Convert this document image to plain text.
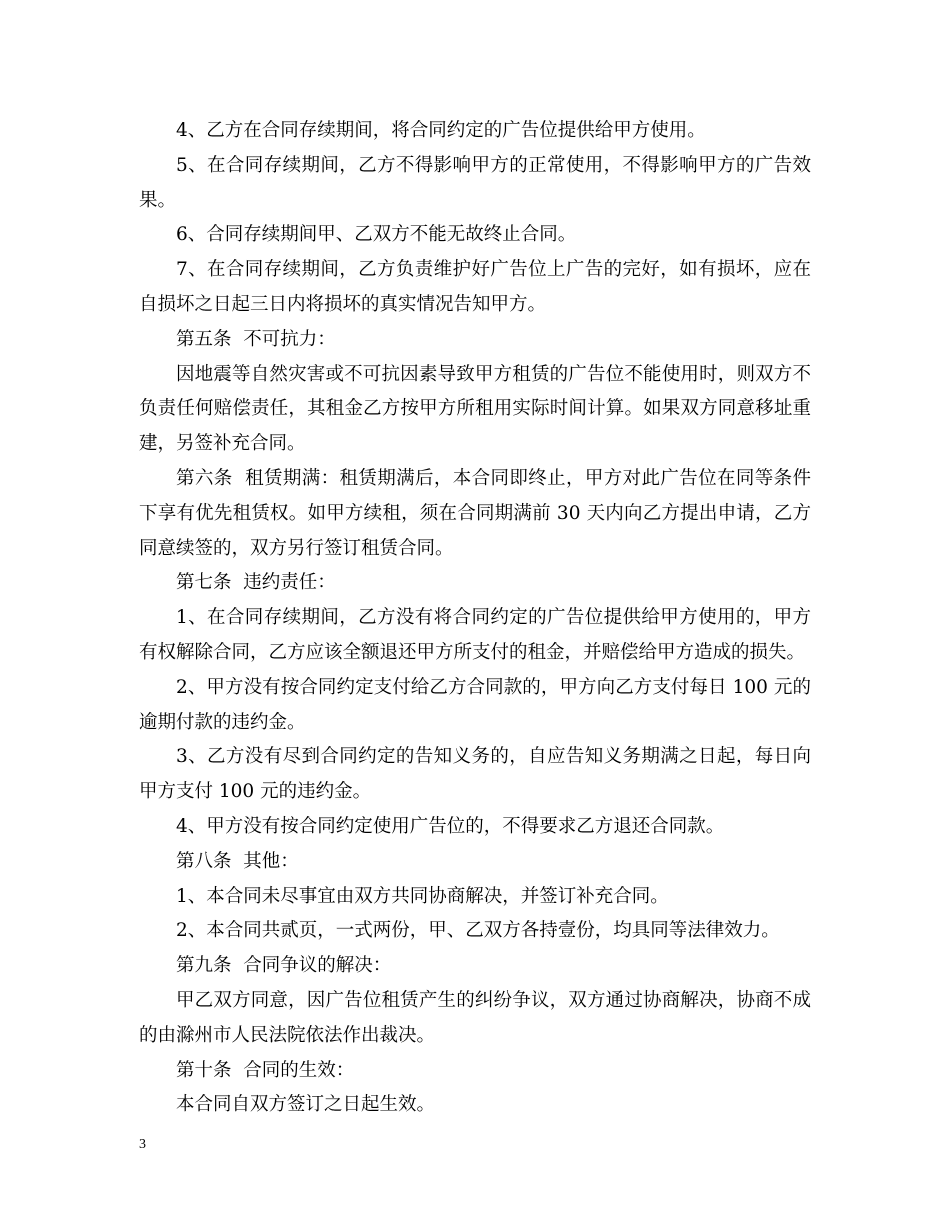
4、乙方在合同存续期间，将合同约定的广告位提供给甲方使用。

5、在合同存续期间，乙方不得影响甲方的正常使用，不得影响甲方的广告效果。

6、合同存续期间甲、乙双方不能无故终止合同。

7、在合同存续期间，乙方负责维护好广告位上广告的完好，如有损坏，应在自损坏之日起三日内将损坏的真实情况告知甲方。

第五条  不可抗力：

因地震等自然灾害或不可抗因素导致甲方租赁的广告位不能使用时，则双方不负责任何赔偿责任，其租金乙方按甲方所租用实际时间计算。如果双方同意移址重建，另签补充合同。

第六条  租赁期满：租赁期满后，本合同即终止，甲方对此广告位在同等条件下享有优先租赁权。如甲方续租，须在合同期满前 30 天内向乙方提出申请，乙方同意续签的，双方另行签订租赁合同。

第七条  违约责任：

1、在合同存续期间，乙方没有将合同约定的广告位提供给甲方使用的，甲方有权解除合同，乙方应该全额退还甲方所支付的租金，并赔偿给甲方造成的损失。

2、甲方没有按合同约定支付给乙方合同款的，甲方向乙方支付每日 100 元的逾期付款的违约金。

3、乙方没有尽到合同约定的告知义务的，自应告知义务期满之日起，每日向甲方支付 100 元的违约金。

4、甲方没有按合同约定使用广告位的，不得要求乙方退还合同款。

第八条  其他：

1、本合同未尽事宜由双方共同协商解决，并签订补充合同。

2、本合同共贰页，一式两份，甲、乙双方各持壹份，均具同等法律效力。

第九条  合同争议的解决：

甲乙双方同意，因广告位租赁产生的纠纷争议，双方通过协商解决，协商不成的由滁州市人民法院依法作出裁决。

第十条  合同的生效：

本合同自双方签订之日起生效。

3
